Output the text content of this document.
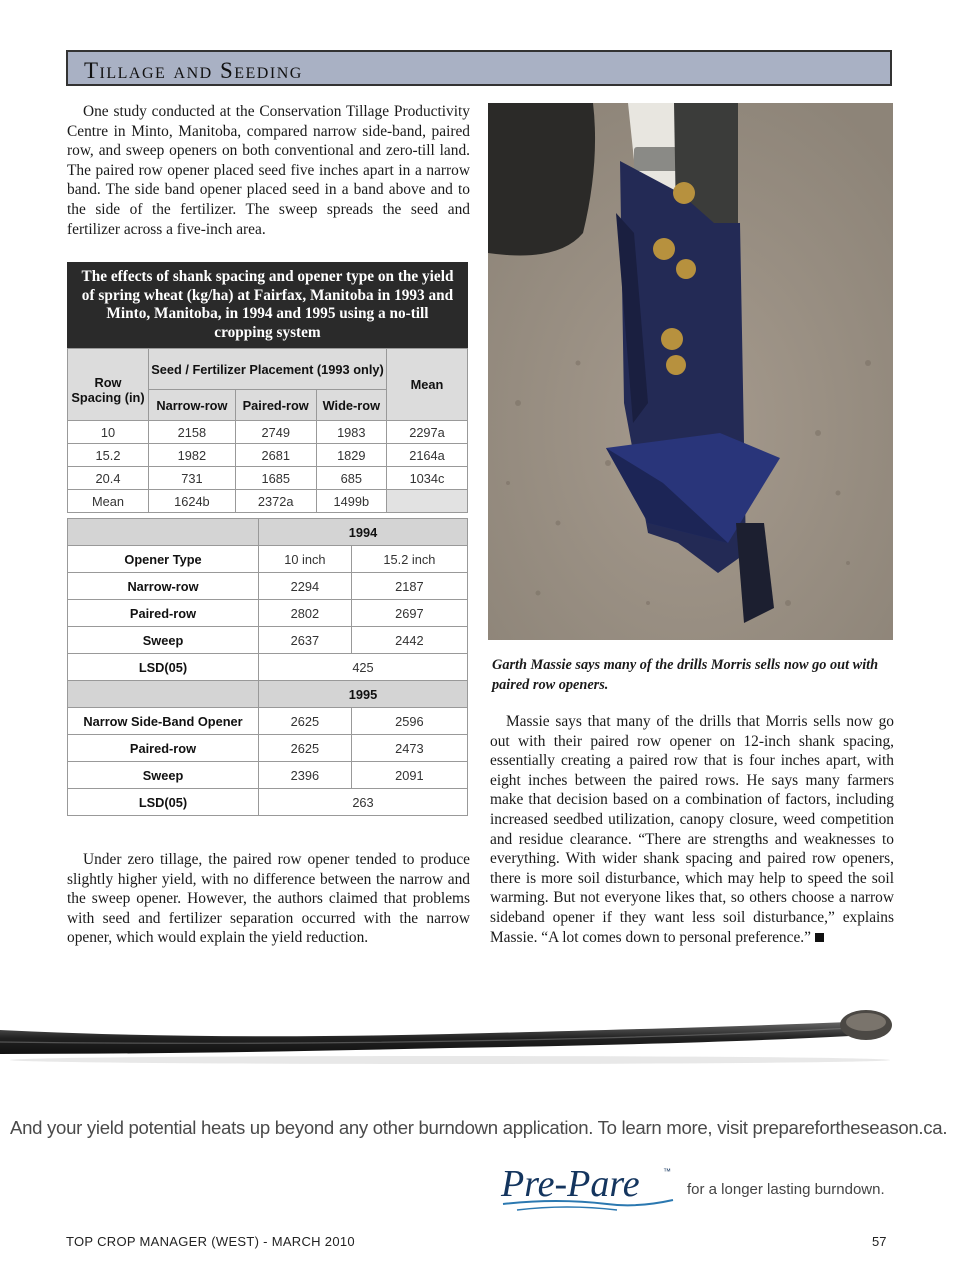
Tillage and Seeding

One study conducted at the Conservation Tillage Productivity Centre in Minto, Manitoba, compared narrow side-band, paired row, and sweep openers on both conventional and zero-till land. The paired row opener placed seed five inches apart in a narrow band. The side band opener placed seed in a band above and to the side of the fertilizer. The sweep spreads the seed and fertilizer across a five-inch area.

The effects of shank spacing and opener type on the yield of spring wheat (kg/ha) at Fairfax, Manitoba in 1993 and Minto, Manitoba, in 1994 and 1995 using a no-till cropping system
Row Spacing (in)	Seed / Fertilizer Placement (1993 only)			Mean
	Narrow-row	Paired-row	Wide-row	
10	2158	2749	1983	2297a
15.2	1982	2681	1829	2164a
20.4	731	1685	685	1034c
Mean	1624b	2372a	1499b	
	1994	
Opener Type	10 inch	15.2 inch
Narrow-row	2294	2187
Paired-row	2802	2697
Sweep	2637	2442
LSD(05)	425	
	1995	
Narrow Side-Band Opener	2625	2596
Paired-row	2625	2473
Sweep	2396	2091
LSD(05)	263	

Under zero tillage, the paired row opener tended to produce slightly higher yield, with no difference between the narrow and the sweep opener. However, the authors claimed that problems with seed and fertilizer separation occurred with the narrow opener, which would explain the yield reduction.

Garth Massie says many of the drills Morris sells now go out with paired row openers.

Massie says that many of the drills that Morris sells now go out with their paired row opener on 12-inch shank spacing, essentially creating a paired row that is four inches apart, with eight inches between the paired rows. He says many farmers make that decision based on a combination of factors, including increased seedbed utilization, canopy closure, weed competition and residue clearance. “There are strengths and weaknesses to everything. With wider shank spacing and paired row openers, there is more soil disturbance, which may help to speed the soil warming. But not everyone likes that, so others choose a narrow sideband opener if they want less soil disturbance,” explains Massie. “A lot comes down to personal preference.”
And your yield potential heats up beyond any other burndown application. To learn more, visit preparefortheseason.ca.
Pre-Pare	™
for a longer lasting burndown.
TOP CROP MANAGER (WEST) - MARCH 2010	57
